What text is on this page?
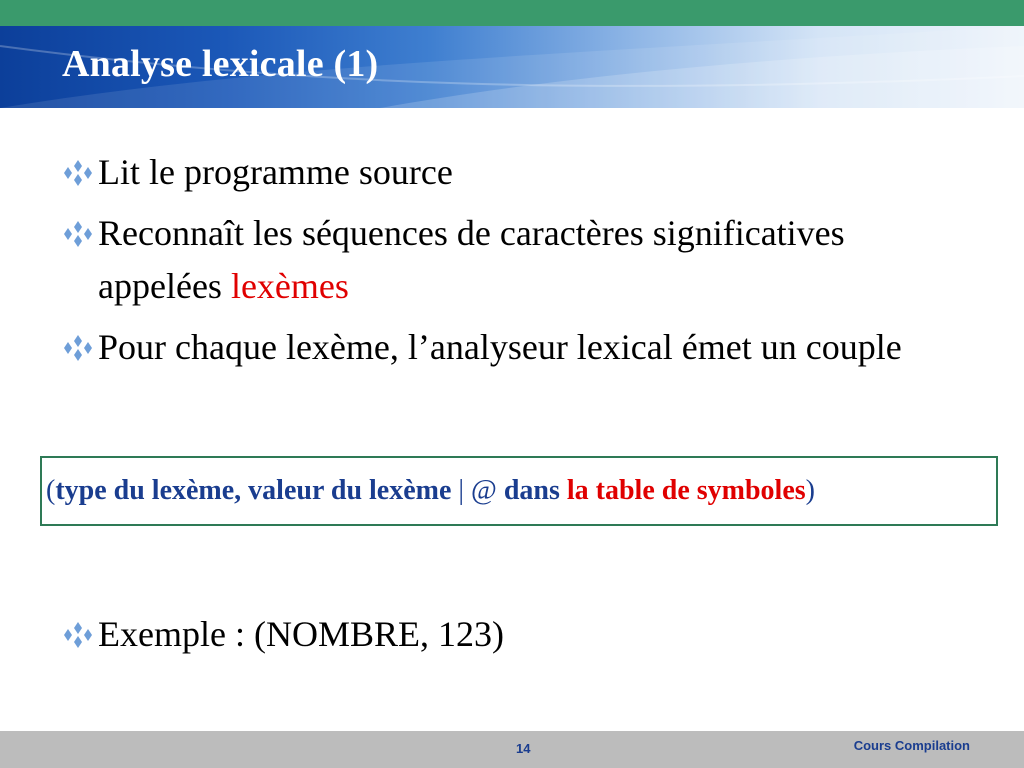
Analyse lexicale (1)
Lit le programme source
Reconnaît les séquences de caractères significatives appelées lexèmes
Pour chaque lexème, l’analyseur lexical émet un couple
( type du lexème, valeur du lexème | @ dans la table de symboles )
Exemple : (NOMBRE, 123)
14	Cours Compilation
